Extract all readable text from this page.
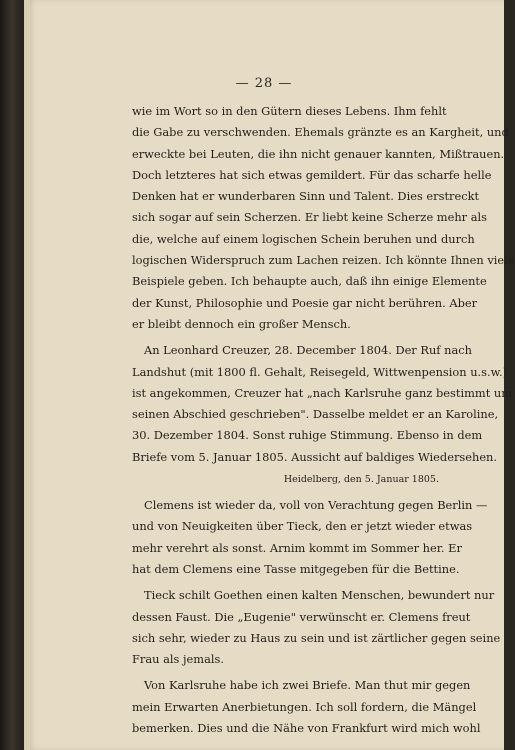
— 28 —
wie im Wort so in den Gütern dieses Lebens. Ihm fehlt
die Gabe zu verschwenden. Ehemals gränzte es an Kargheit, und
erweckte bei Leuten, die ihn nicht genauer kannten, Mißtrauen.
Doch letzteres hat sich etwas gemildert. Für das scharfe helle
Denken hat er wunderbaren Sinn und Talent. Dies erstreckt
sich sogar auf sein Scherzen. Er liebt keine Scherze mehr als
die, welche auf einem logischen Schein beruhen und durch
logischen Widerspruch zum Lachen reizen. Ich könnte Ihnen viele
Beispiele geben. Ich behaupte auch, daß ihn einige Elemente
der Kunst, Philosophie und Poesie gar nicht berühren. Aber
er bleibt dennoch ein großer Mensch.
An Leonhard Creuzer, 28. December 1804. Der Ruf nach
Landshut (mit 1800 fl. Gehalt, Reisegeld, Wittwenpension u.s.w.)
ist angekommen, Creuzer hat „nach Karlsruhe ganz bestimmt um
seinen Abschied geschrieben". Dasselbe meldet er an Karoline,
30. Dezember 1804. Sonst ruhige Stimmung. Ebenso in dem
Briefe vom 5. Januar 1805. Aussicht auf baldiges Wiedersehen.
Heidelberg, den 5. Januar 1805.
Clemens ist wieder da, voll von Verachtung gegen Berlin —
und von Neuigkeiten über Tieck, den er jetzt wieder etwas
mehr verehrt als sonst. Arnim kommt im Sommer her. Er
hat dem Clemens eine Tasse mitgegeben für die Bettine.
Tieck schilt Goethen einen kalten Menschen, bewundert nur
dessen Faust. Die „Eugenie" verwünscht er. Clemens freut
sich sehr, wieder zu Haus zu sein und ist zärtlicher gegen seine
Frau als jemals.
Von Karlsruhe habe ich zwei Briefe. Man thut mir gegen
mein Erwarten Anerbietungen. Ich soll fordern, die Mängel
bemerken. Dies und die Nähe von Frankfurt wird mich wohl
